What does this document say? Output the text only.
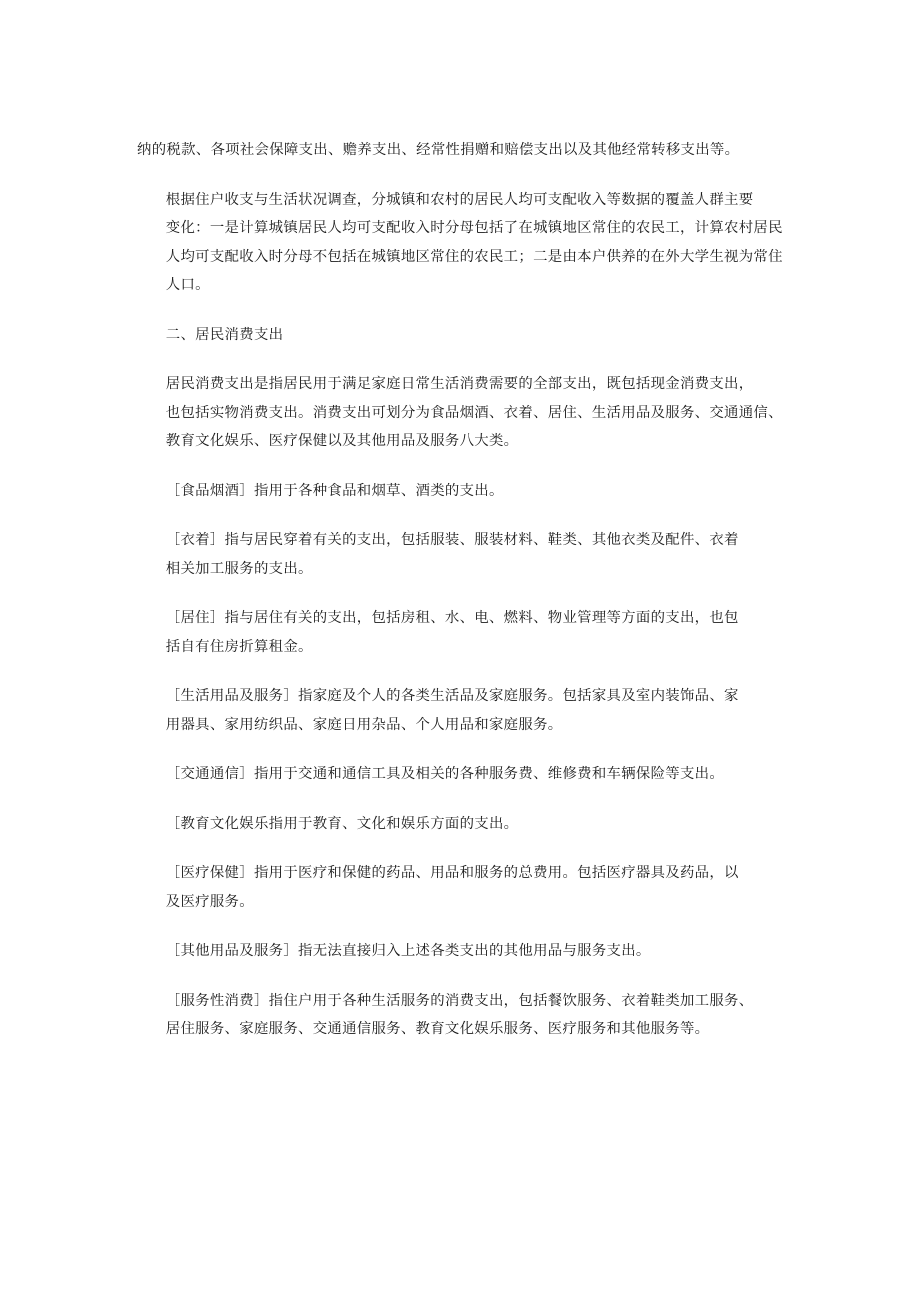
纳的税款、各项社会保障支出、赡养支出、经常性捐赠和赔偿支出以及其他经常转移支出等。

根据住户收支与生活状况调查，分城镇和农村的居民人均可支配收入等数据的覆盖人群主要
变化：一是计算城镇居民人均可支配收入时分母包括了在城镇地区常住的农民工，计算农村居民
人均可支配收入时分母不包括在城镇地区常住的农民工；二是由本户供养的在外大学生视为常住
人口。

二、居民消费支出

居民消费支出是指居民用于满足家庭日常生活消费需要的全部支出，既包括现金消费支出，
也包括实物消费支出。消费支出可划分为食品烟酒、衣着、居住、生活用品及服务、交通通信、
教育文化娱乐、医疗保健以及其他用品及服务八大类。

［食品烟酒］指用于各种食品和烟草、酒类的支出。

［衣着］指与居民穿着有关的支出，包括服装、服装材料、鞋类、其他衣类及配件、衣着
相关加工服务的支出。

［居住］指与居住有关的支出，包括房租、水、电、燃料、物业管理等方面的支出，也包
括自有住房折算租金。

［生活用品及服务］指家庭及个人的各类生活品及家庭服务。包括家具及室内装饰品、家
用器具、家用纺织品、家庭日用杂品、个人用品和家庭服务。

［交通通信］指用于交通和通信工具及相关的各种服务费、维修费和车辆保险等支出。

［教育文化娱乐指用于教育、文化和娱乐方面的支出。

［医疗保健］指用于医疗和保健的药品、用品和服务的总费用。包括医疗器具及药品，以
及医疗服务。

［其他用品及服务］指无法直接归入上述各类支出的其他用品与服务支出。

［服务性消费］指住户用于各种生活服务的消费支出，包括餐饮服务、衣着鞋类加工服务、
居住服务、家庭服务、交通通信服务、教育文化娱乐服务、医疗服务和其他服务等。
